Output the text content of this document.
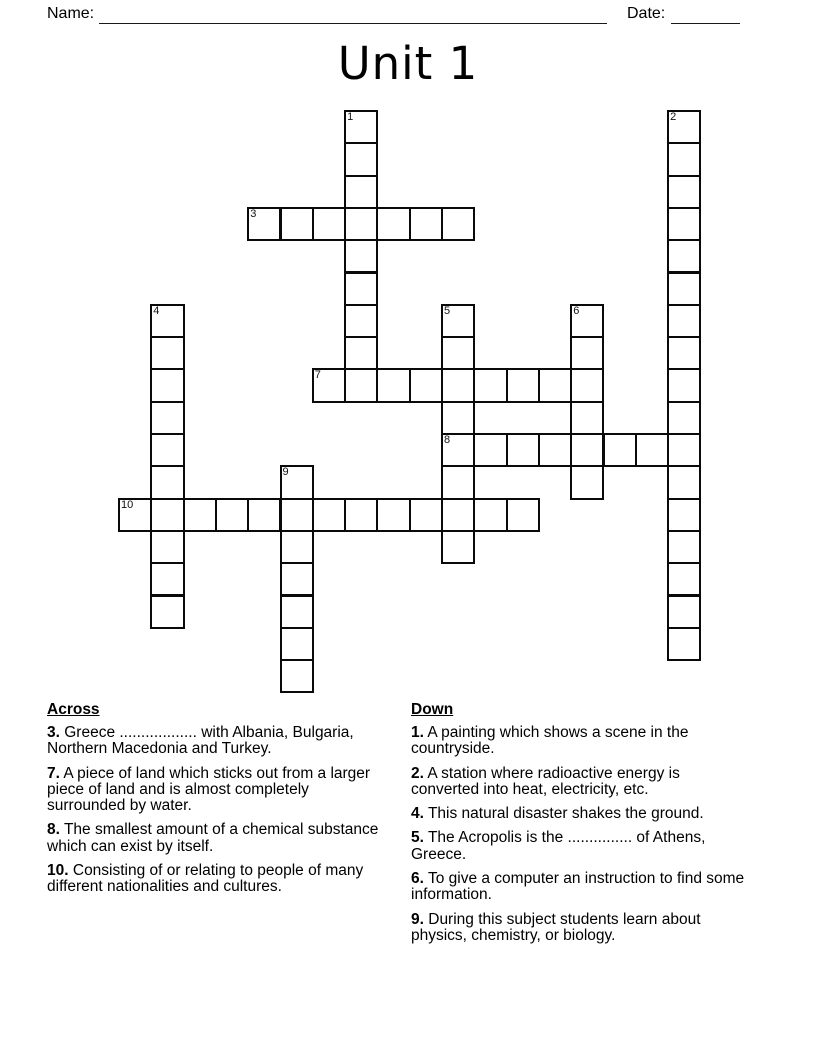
Name:	Date:
Unit 1
1	2
3
4	5
8
6
7
9
10

Across

3. Greece .................. with Albania, Bulgaria, Northern Macedonia and Turkey.

7. A piece of land which sticks out from a larger piece of land and is almost completely surrounded by water.

8. The smallest amount of a chemical substance which can exist by itself.

10. Consisting of or relating to people of many different nationalities and cultures.

Down

1. A painting which shows a scene in the countryside.

2. A station where radioactive energy is converted into heat, electricity, etc.

4. This natural disaster shakes the ground.

5. The Acropolis is the ............... of Athens, Greece.

6. To give a computer an instruction to find some information.

9. During this subject students learn about physics, chemistry, or biology.
